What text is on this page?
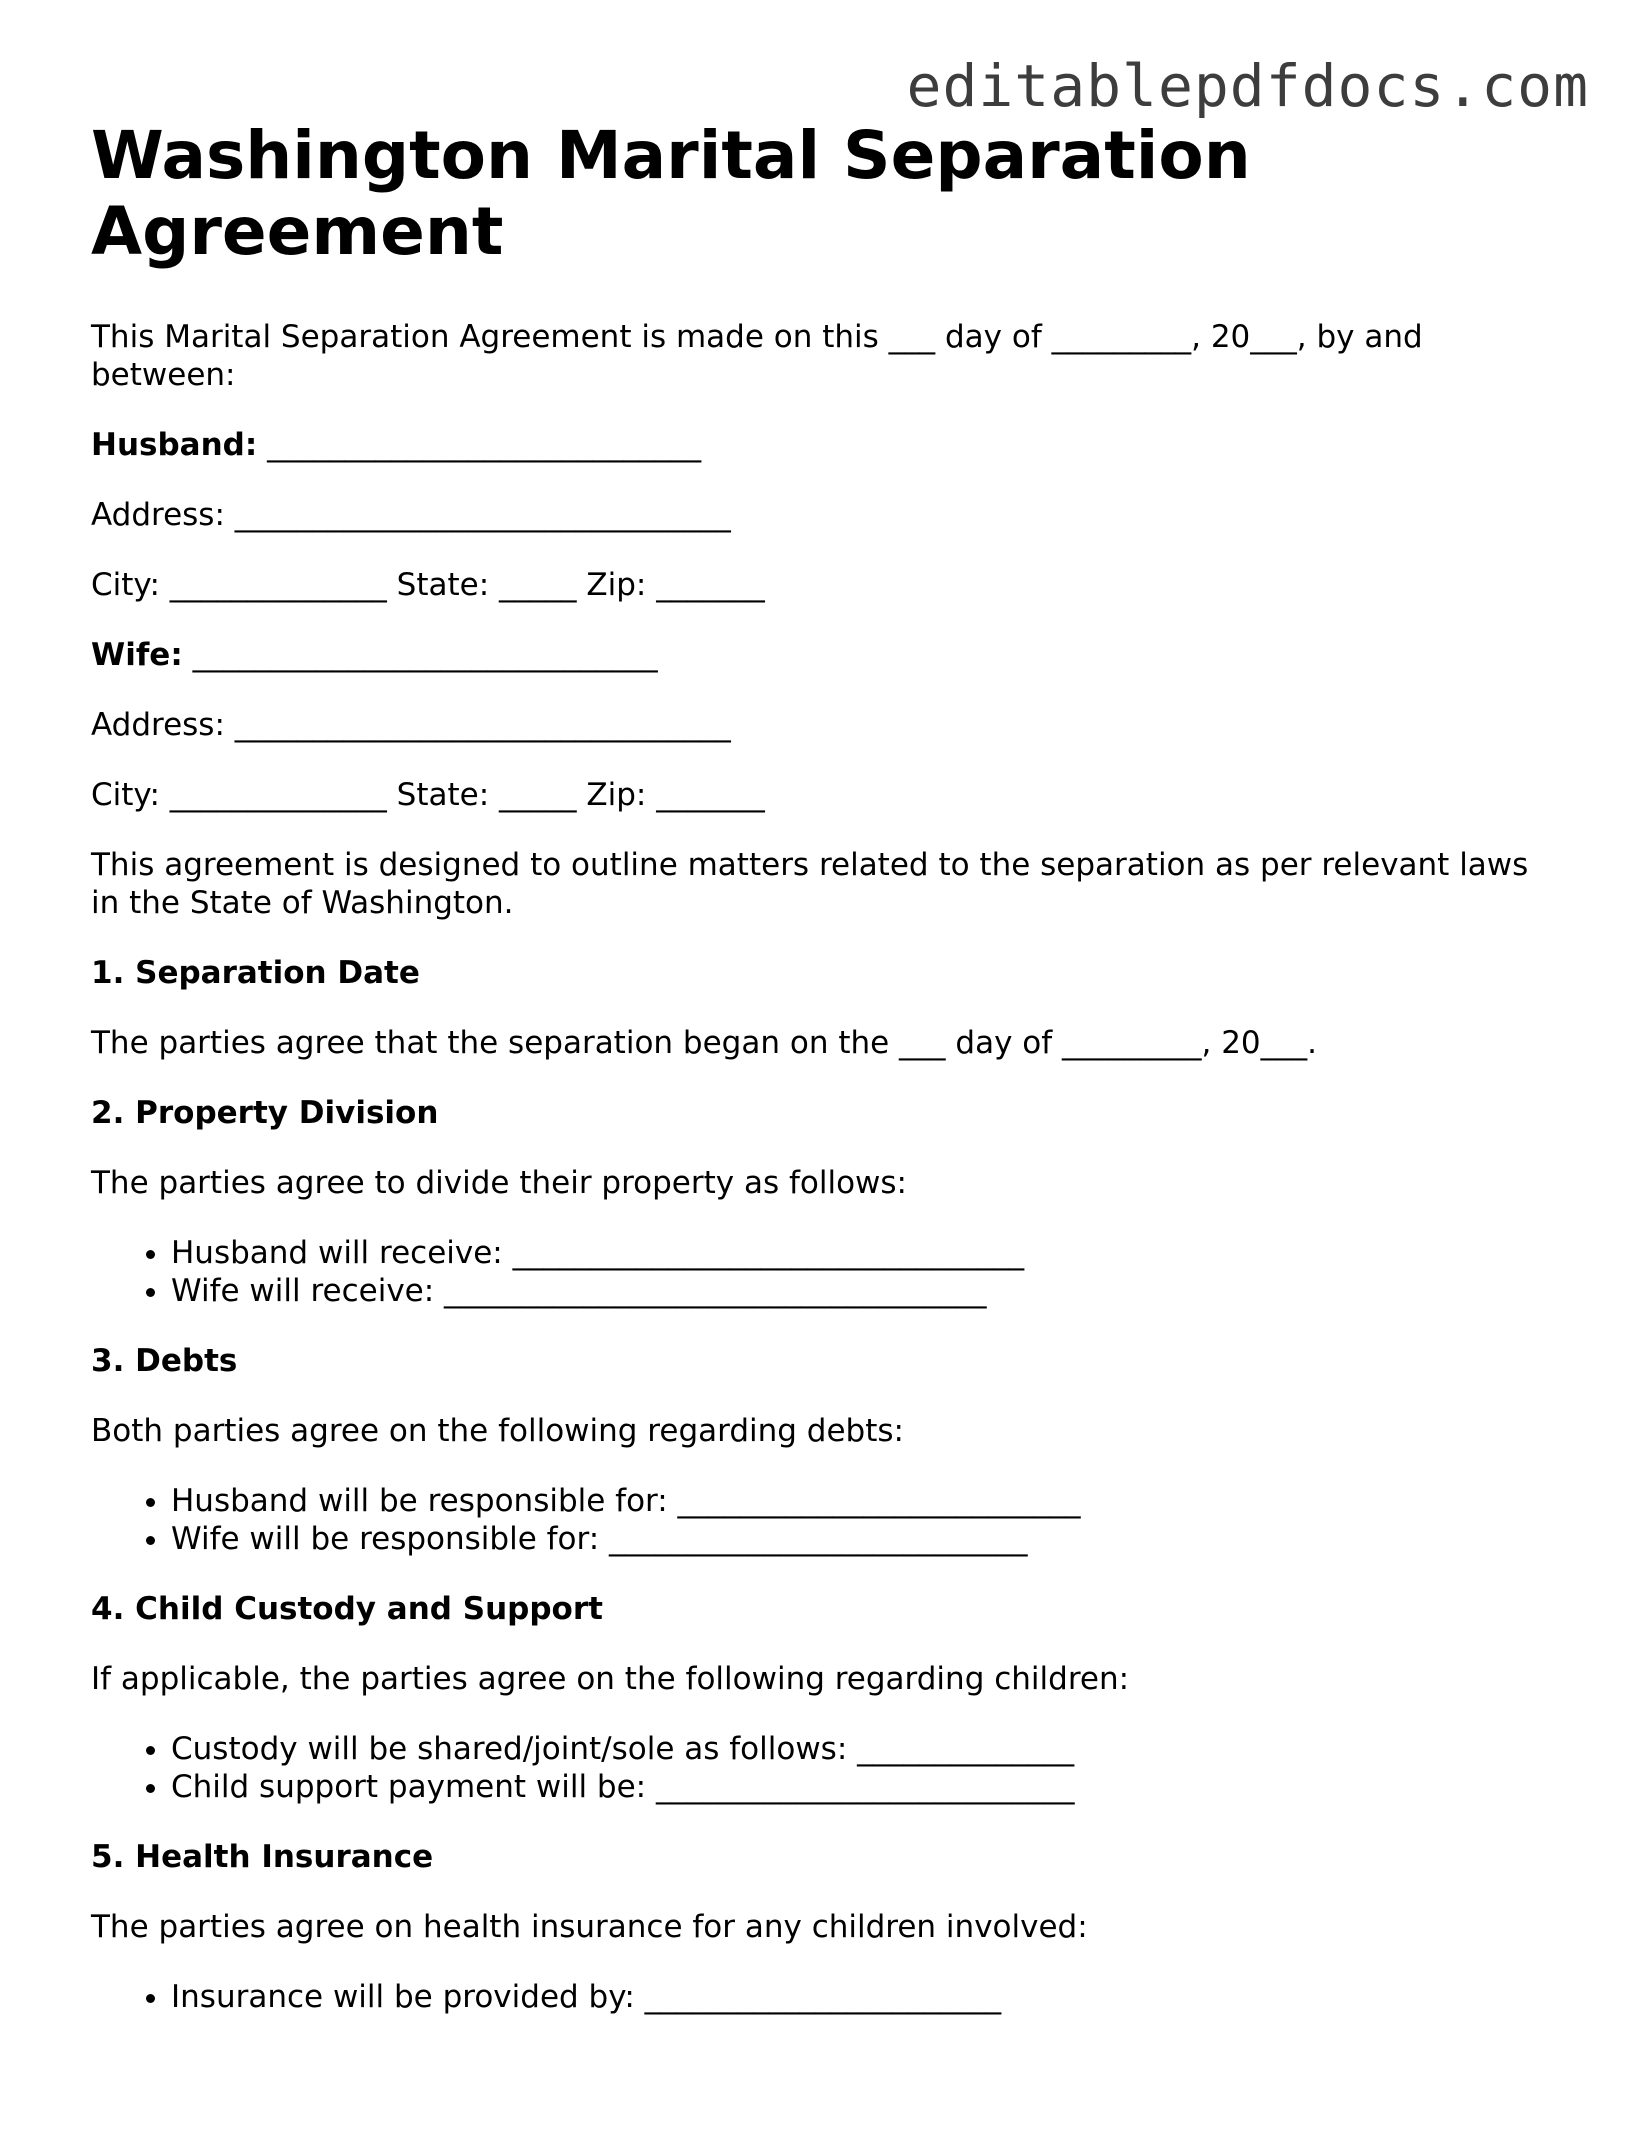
editablepdfdocs.com
Washington Marital Separation Agreement

This Marital Separation Agreement is made on this ___ day of _________, 20___, by and between:

Husband: ____________________________
Address: ________________________________
City: ______________ State: _____ Zip: _______
Wife: ______________________________
Address: ________________________________
City: ______________ State: _____ Zip: _______

This agreement is designed to outline matters related to the separation as per relevant laws in the State of Washington.

1. Separation Date

The parties agree that the separation began on the ___ day of _________, 20___.

2. Property Division

The parties agree to divide their property as follows:

• Husband will receive: _________________________________
• Wife will receive: ___________________________________
3. Debts

Both parties agree on the following regarding debts:

• Husband will be responsible for: __________________________
• Wife will be responsible for: ___________________________
4. Child Custody and Support

If applicable, the parties agree on the following regarding children:

• Custody will be shared/joint/sole as follows: ______________
• Child support payment will be: ___________________________
5. Health Insurance

The parties agree on health insurance for any children involved:

• Insurance will be provided by: _______________________
